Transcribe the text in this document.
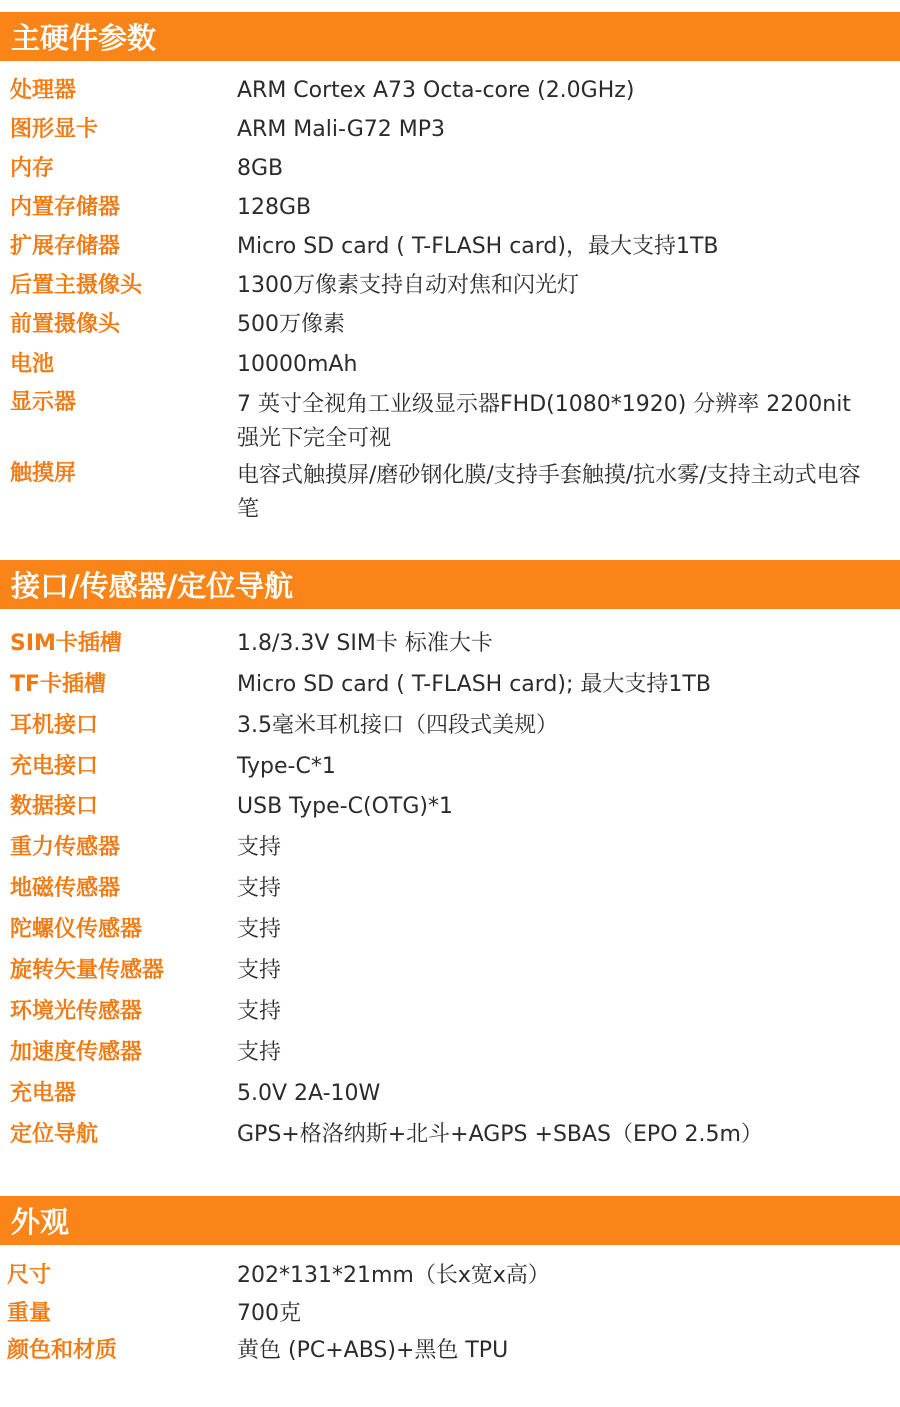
主硬件参数
处理器	ARM Cortex A73 Octa-core (2.0GHz)
图形显卡	ARM Mali-G72 MP3
内存	8GB
内置存储器	128GB
扩展存储器	Micro SD card ( T-FLASH card)，最大支持1TB
后置主摄像头	1300万像素支持自动对焦和闪光灯
前置摄像头	500万像素
电池	10000mAh
显示器	7 英寸全视角工业级显示器FHD(1080*1920) 分辨率 2200nit 强光下完全可视
触摸屏	电容式触摸屏/磨砂钢化膜/支持手套触摸/抗水雾/支持主动式电容笔
接口/传感器/定位导航
SIM卡插槽	1.8/3.3V SIM卡 标准大卡
TF卡插槽	Micro SD card ( T-FLASH card); 最大支持1TB
耳机接口	3.5毫米耳机接口（四段式美规）
充电接口	Type-C*1
数据接口	USB Type-C(OTG)*1
重力传感器	支持
地磁传感器	支持
陀螺仪传感器	支持
旋转矢量传感器	支持
环境光传感器	支持
加速度传感器	支持
充电器	5.0V 2A-10W
定位导航	GPS+格洛纳斯+北斗+AGPS +SBAS（EPO 2.5m）
外观
尺寸	202*131*21mm（长x宽x高）
重量	700克
颜色和材质	黄色 (PC+ABS)+黑色 TPU
